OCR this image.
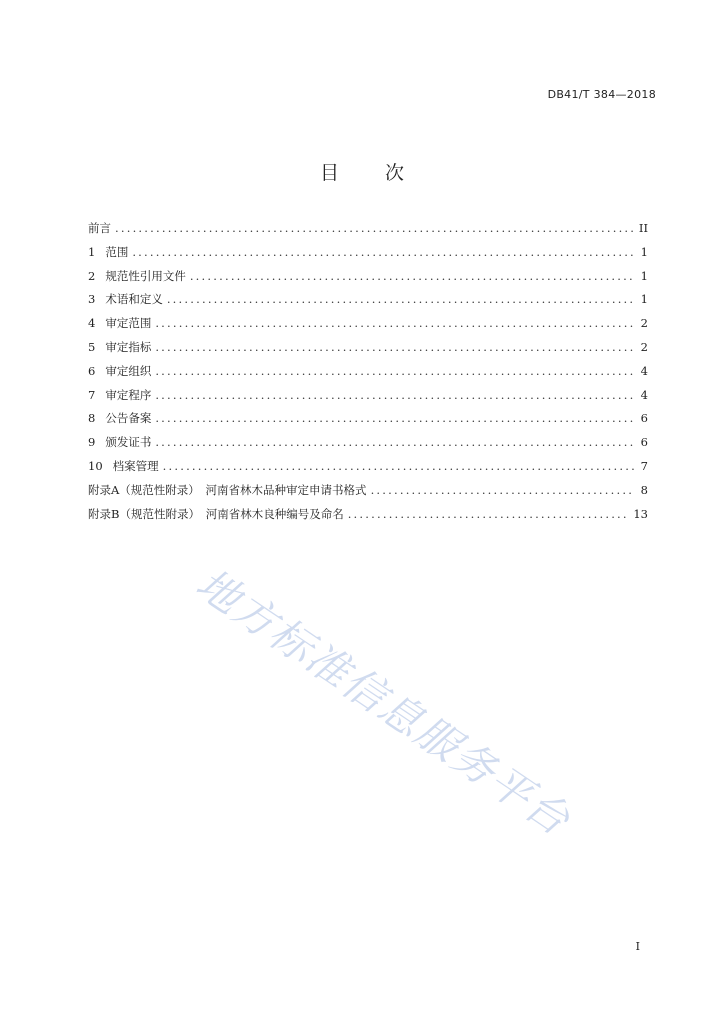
DB41/T 384—2018
目 次
前言 .....	II
1 范围 .....	1
2 规范性引用文件 .....	1
3 术语和定义 .....	1
4 审定范围 .....	2
5 审定指标 .....	2
6 审定组织 .....	4
7 审定程序 .....	4
8 公告备案 .....	6
9 颁发证书 .....	6
10 档案管理 .....	7
附录A（规范性附录）　河南省林木品种审定申请书格式 .....	8
附录B（规范性附录）　河南省林木良种编号及命名 .....	13
地方标准信息服务平台
I
